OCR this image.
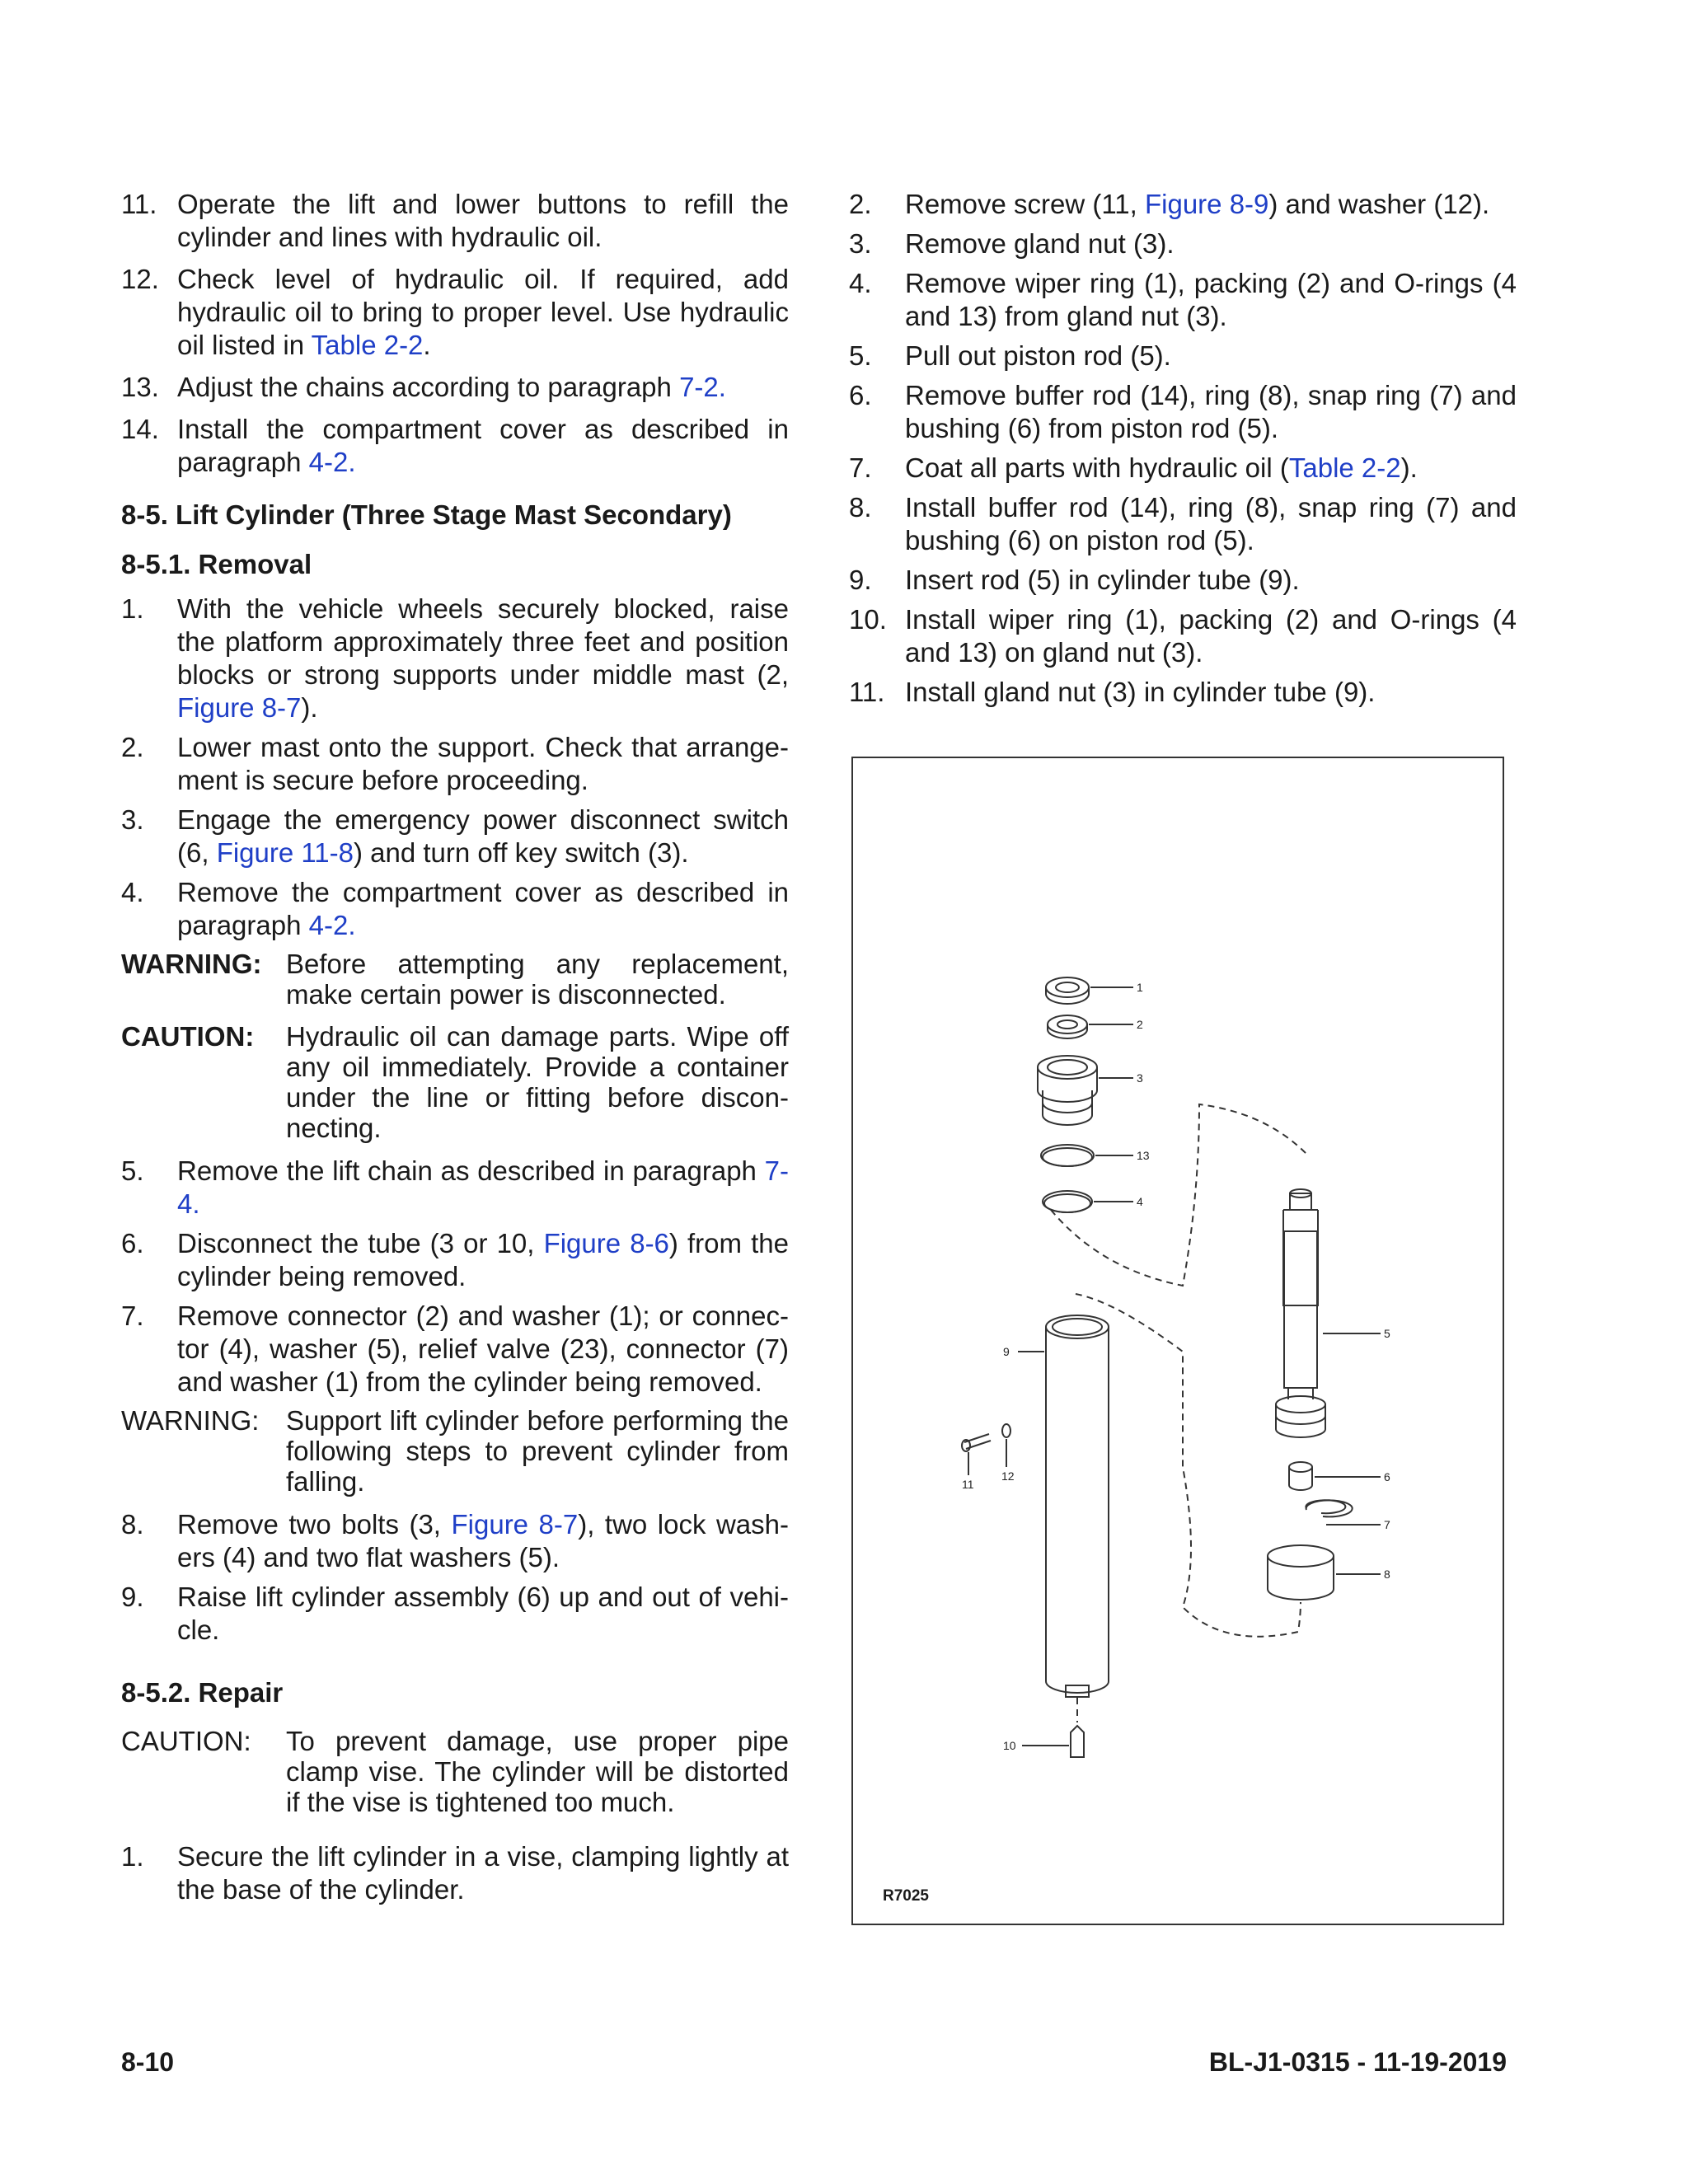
11. Operate the lift and lower buttons to refill the cylinder and lines with hydraulic oil.
12. Check level of hydraulic oil. If required, add hydraulic oil to bring to proper level. Use hydraulic oil listed in Table 2-2.
13. Adjust the chains according to paragraph 7-2.
14. Install the compartment cover as described in paragraph 4-2.
8-5. Lift Cylinder (Three Stage Mast Secondary)
8-5.1. Removal
1.	With the vehicle wheels securely blocked, raise the platform approximately three feet and position blocks or strong supports under middle mast (2, Figure 8-7).
2.	Lower mast onto the support. Check that arrange-ment is secure before proceeding.
3.	Engage the emergency power disconnect switch (6, Figure 11-8) and turn off key switch (3).
4.	Remove the compartment cover as described in paragraph 4-2.
WARNING: Before attempting any replacement, make certain power is disconnected.
CAUTION:	Hydraulic oil can damage parts. Wipe off any oil immediately. Provide a container under the line or fitting before discon-necting.
5.	Remove the lift chain as described in paragraph 7-4.
6.	Disconnect the tube (3 or 10, Figure 8-6) from the cylinder being removed.
7.	Remove connector (2) and washer (1); or connec-tor (4), washer (5), relief valve (23), connector (7) and washer (1) from the cylinder being removed.
WARNING: Support lift cylinder before performing the following steps to prevent cylinder from falling.
8.	Remove two bolts (3, Figure 8-7), two lock wash-ers (4) and two flat washers (5).
9.	Raise lift cylinder assembly (6) up and out of vehi-cle.
8-5.2. Repair
CAUTION:	To prevent damage, use proper pipe clamp vise. The cylinder will be distorted if the vise is tightened too much.
1.	Secure the lift cylinder in a vise, clamping lightly at the base of the cylinder.
2.	Remove screw (11, Figure 8-9) and washer (12).
3.	Remove gland nut (3).
4.	Remove wiper ring (1), packing (2) and O-rings (4 and 13) from gland nut (3).
5.	Pull out piston rod (5).
6.	Remove buffer rod (14), ring (8), snap ring (7) and bushing (6) from piston rod (5).
7.	Coat all parts with hydraulic oil (Table 2-2).
8.	Install buffer rod (14), ring (8), snap ring (7) and bushing (6) on piston rod (5).
9.	Insert rod (5) in cylinder tube (9).
10. Install wiper ring (1), packing (2) and O-rings (4 and 13) on gland nut (3).
11. Install gland nut (3) in cylinder tube (9).
1
2
3
13
4
5
9
6
7
8
11
12
10
R7025
8-10	BL-J1-0315 - 11-19-2019
